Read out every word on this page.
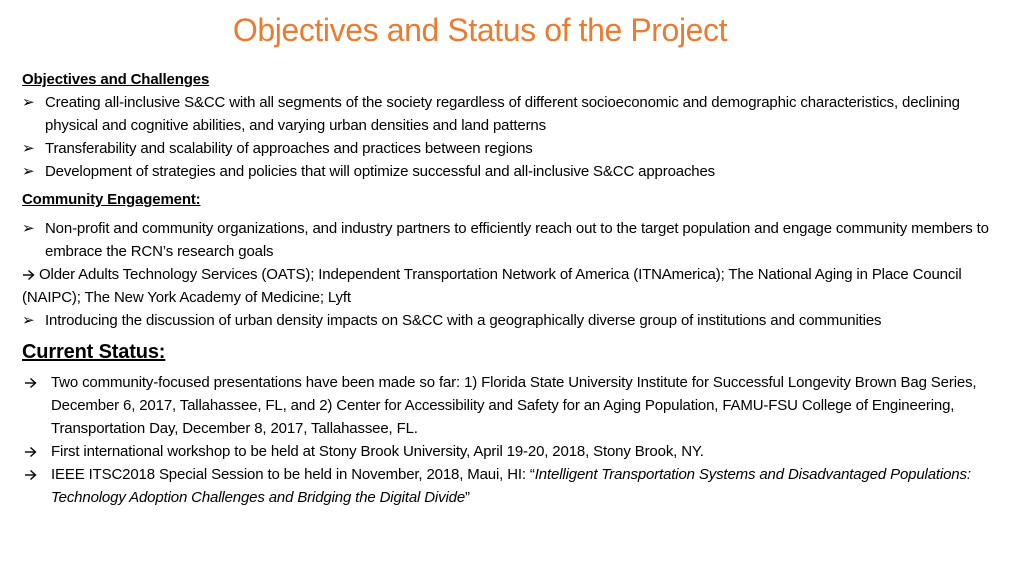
Objectives and Status of the Project

Objectives and Challenges

➢ Creating all-inclusive S&CC with all segments of the society regardless of different socioeconomic and demographic characteristics, declining physical and cognitive abilities, and varying urban densities and land patterns
➢ Transferability and scalability of approaches and practices between regions
➢ Development of strategies and policies that will optimize successful and all-inclusive S&CC approaches

Community Engagement:

➢ Non-profit and community organizations, and industry partners to efficiently reach out to the target population and engage community members to embrace the RCN’s research goals

Older Adults Technology Services (OATS); Independent Transportation Network of America (ITNAmerica); The National Aging in Place Council (NAIPC); The New York Academy of Medicine; Lyft

➢ Introducing the discussion of urban density impacts on S&CC with a geographically diverse group of institutions and communities

Current Status:

Two community-focused presentations have been made so far: 1) Florida State University Institute for Successful Longevity Brown Bag Series, December 6, 2017, Tallahassee, FL, and 2) Center for Accessibility and Safety for an Aging Population, FAMU-FSU College of Engineering, Transportation Day, December 8, 2017, Tallahassee, FL.
First international workshop to be held at Stony Brook University, April 19-20, 2018, Stony Brook, NY.
IEEE ITSC2018 Special Session to be held in November, 2018, Maui, HI: “Intelligent Transportation Systems and Disadvantaged Populations: Technology Adoption Challenges and Bridging the Digital Divide”
